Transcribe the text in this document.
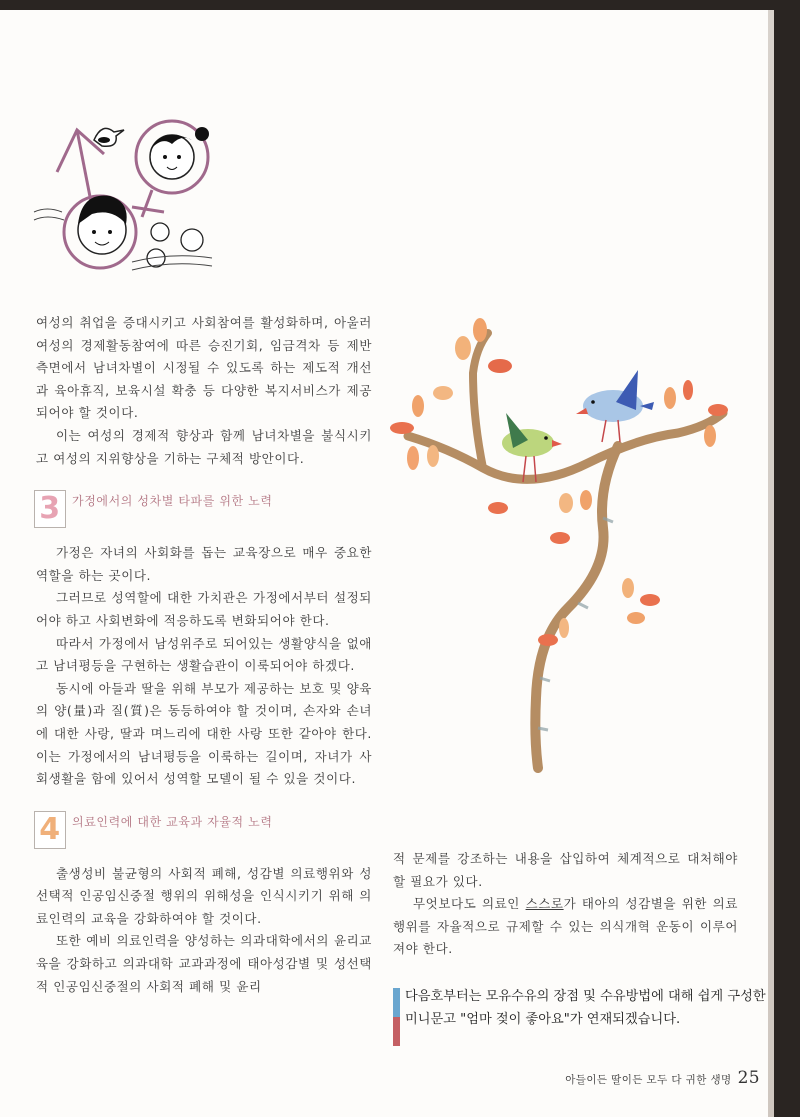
여성의 취업을 증대시키고 사회참여를 활성화하며, 아울러 여성의 경제활동참여에 따른 승진기회, 임금격차 등 제반 측면에서 남녀차별이 시정될 수 있도록 하는 제도적 개선과 육아휴직, 보육시설 확충 등 다양한 복지서비스가 제공되어야 할 것이다.

이는 여성의 경제적 향상과 함께 남녀차별을 불식시키고 여성의 지위향상을 기하는 구체적 방안이다.

3 가정에서의 성차별 타파를 위한 노력

가정은 자녀의 사회화를 돕는 교육장으로 매우 중요한 역할을 하는 곳이다.

그러므로 성역할에 대한 가치관은 가정에서부터 설정되어야 하고 사회변화에 적응하도록 변화되어야 한다.

따라서 가정에서 남성위주로 되어있는 생활양식을 없애고 남녀평등을 구현하는 생활습관이 이룩되어야 하겠다.

동시에 아들과 딸을 위해 부모가 제공하는 보호 및 양육의 양(量)과 질(質)은 동등하여야 할 것이며, 손자와 손녀에 대한 사랑, 딸과 며느리에 대한 사랑 또한 같아야 한다. 이는 가정에서의 남녀평등을 이룩하는 길이며, 자녀가 사회생활을 함에 있어서 성역할 모델이 될 수 있을 것이다.

4 의료인력에 대한 교육과 자율적 노력

출생성비 불균형의 사회적 폐해, 성감별 의료행위와 성선택적 인공임신중절 행위의 위해성을 인식시키기 위해 의료인력의 교육을 강화하여야 할 것이다.

또한 예비 의료인력을 양성하는 의과대학에서의 윤리교육을 강화하고 의과대학 교과과정에 태아성감별 및 성선택적 인공임신중절의 사회적 폐해 및 윤리

적 문제를 강조하는 내용을 삽입하여 체계적으로 대처해야 할 필요가 있다.

무엇보다도 의료인 스스로가 태아의 성감별을 위한 의료행위를 자율적으로 규제할 수 있는 의식개혁 운동이 이루어져야 한다.

다음호부터는 모유수유의 장점 및 수유방법에 대해 쉽게 구성한 미니문고 "엄마 젖이 좋아요"가 연재되겠습니다.
아들이든 딸이든 모두 다 귀한 생명 25
